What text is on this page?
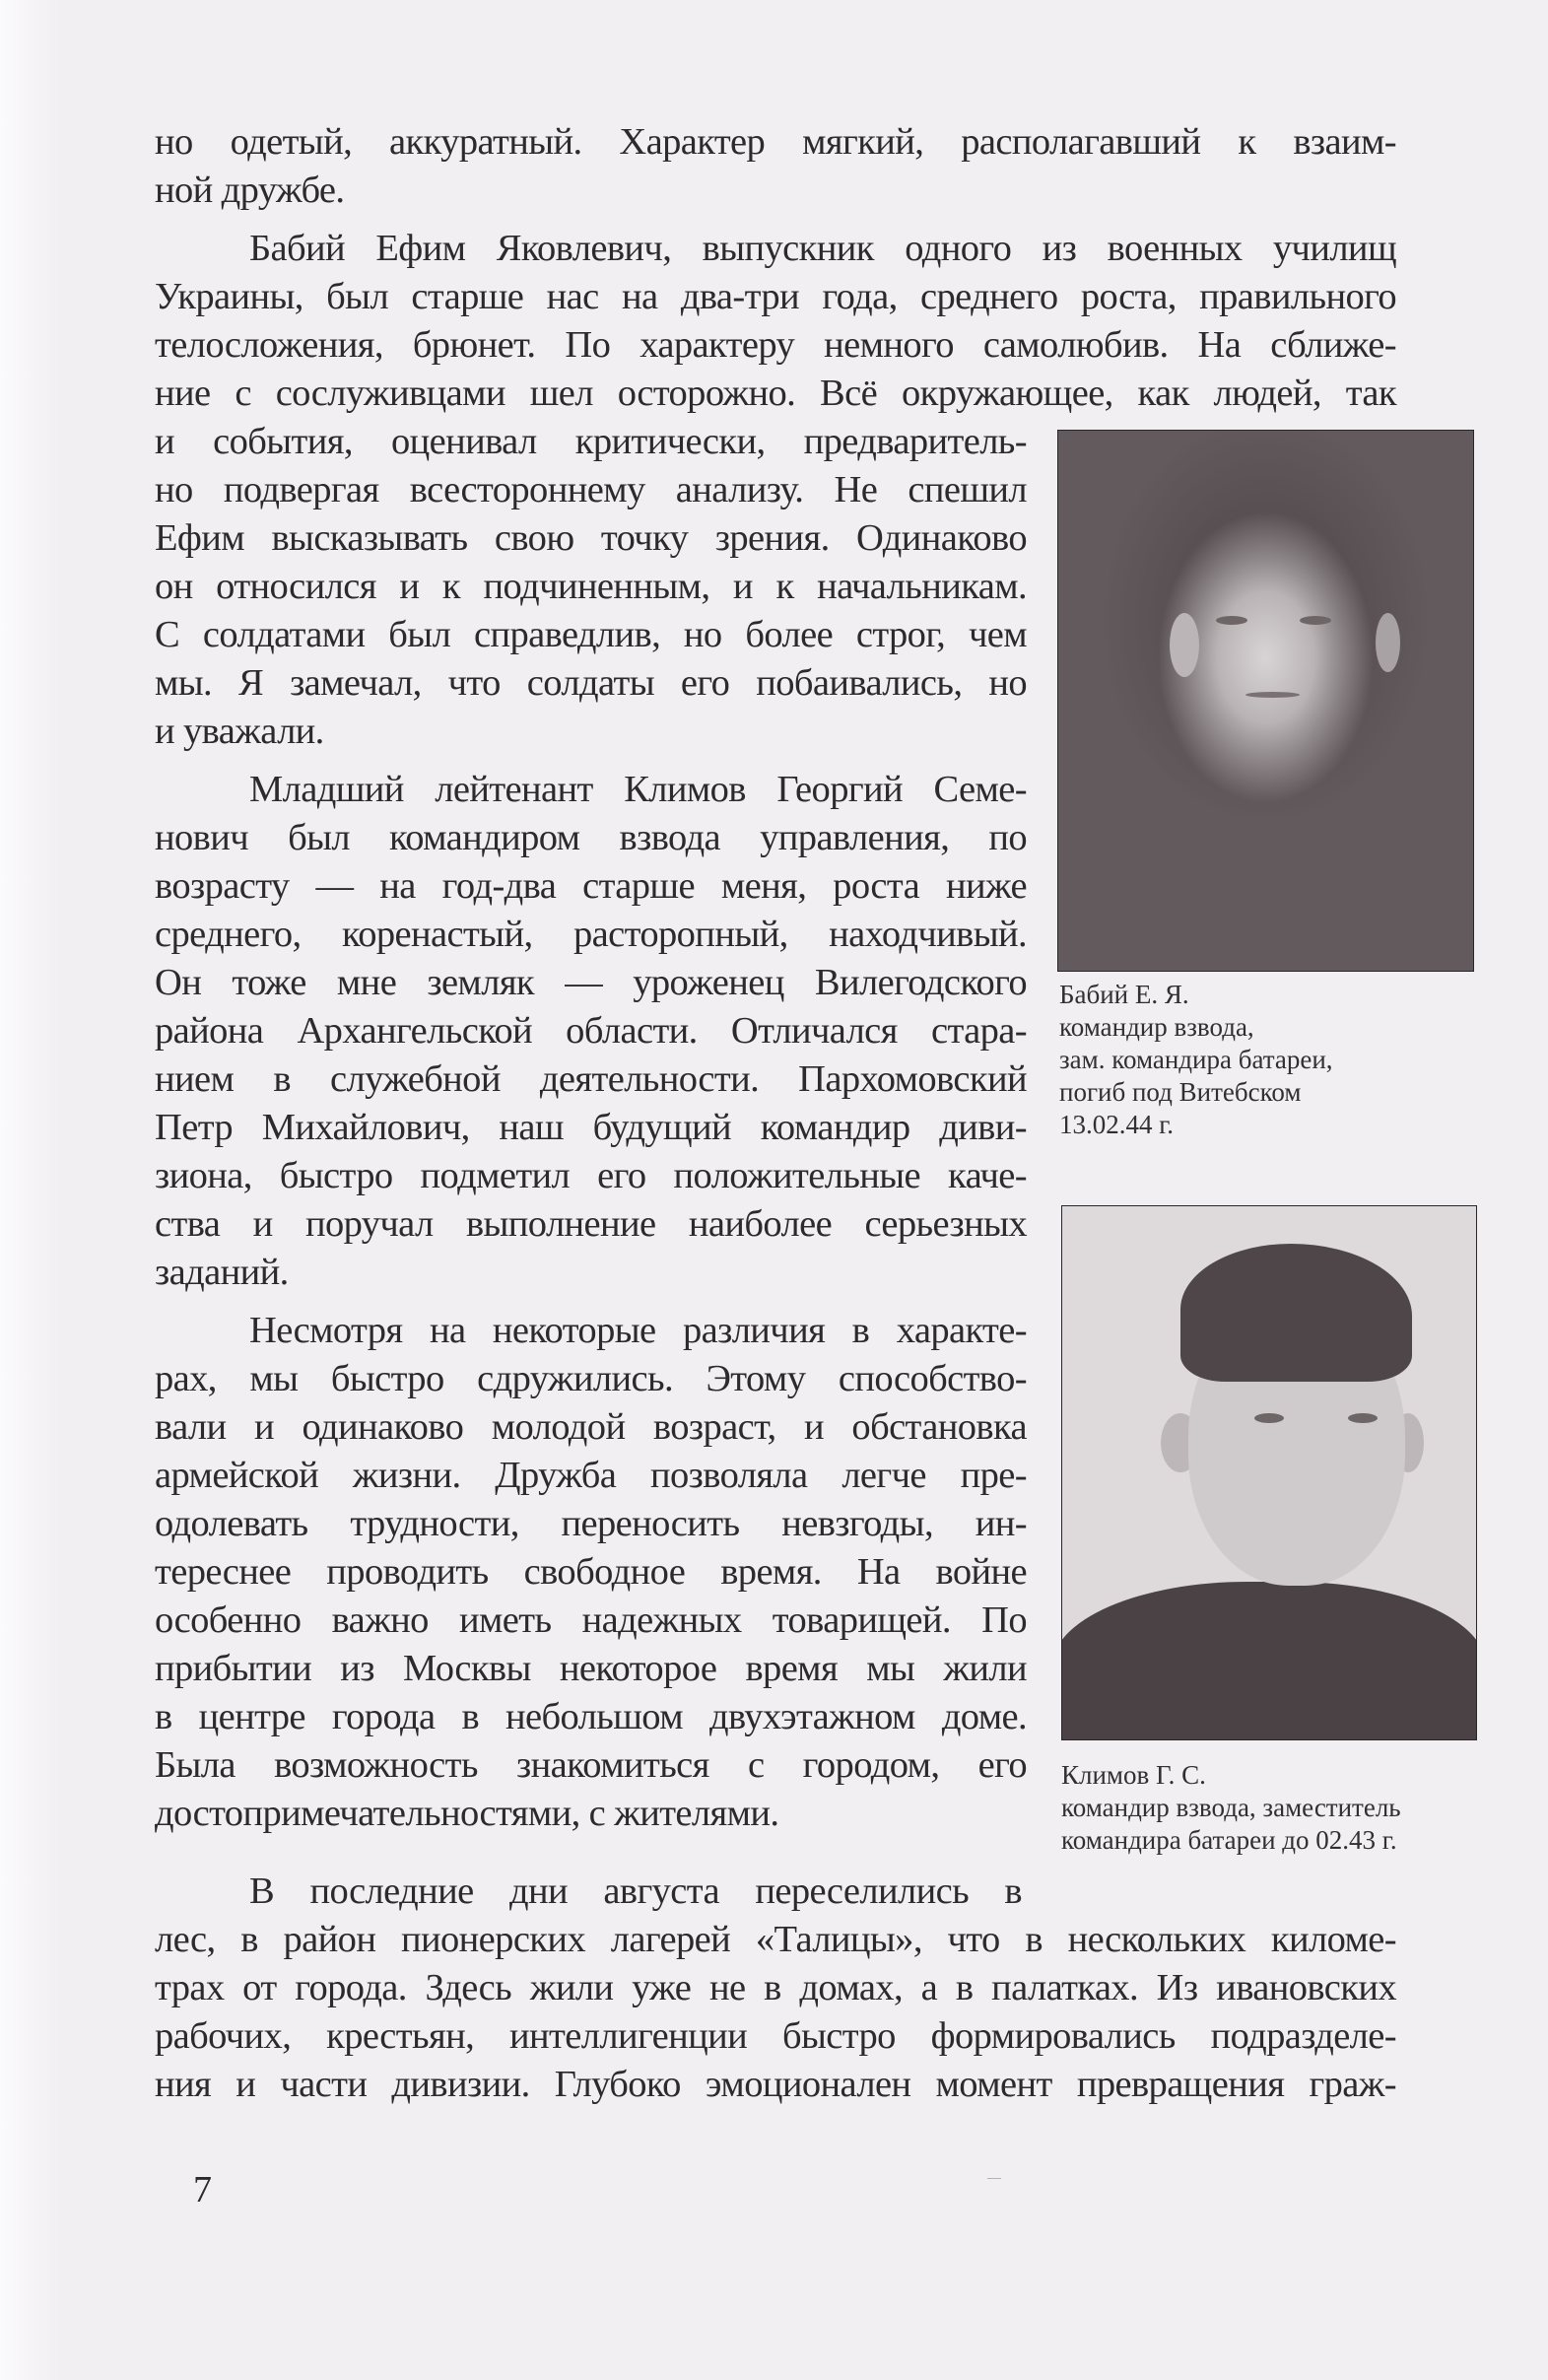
но одетый, аккуратный. Характер мягкий, располагавший к взаим-
ной дружбе.
Бабий Ефим Яковлевич, выпускник одного из военных училищ
Украины, был старше нас на два-три года, среднего роста, правильного
телосложения, брюнет. По характеру немного самолюбив. На сближе-
ние с сослуживцами шел осторожно. Всё окружающее, как людей, так
и события, оценивал критически, предваритель-
но подвергая всестороннему анализу. Не спешил
Ефим высказывать свою точку зрения. Одинаково
он относился и к подчиненным, и к начальникам.
С солдатами был справедлив, но более строг, чем
мы. Я замечал, что солдаты его побаивались, но
и уважали.
Младший лейтенант Климов Георгий Семе-
нович был командиром взвода управления, по
возрасту — на год-два старше меня, роста ниже
среднего, коренастый, расторопный, находчивый.
Он тоже мне земляк — уроженец Вилегодского
района Архангельской области. Отличался стара-
нием в служебной деятельности. Пархомовский
Петр Михайлович, наш будущий командир диви-
зиона, быстро подметил его положительные каче-
ства и поручал выполнение наиболее серьезных
заданий.
Несмотря на некоторые различия в характе-
рах, мы быстро сдружились. Этому способство-
вали и одинаково молодой возраст, и обстановка
армейской жизни. Дружба позволяла легче пре-
одолевать трудности, переносить невзгоды, ин-
тереснее проводить свободное время. На войне
особенно важно иметь надежных товарищей. По
прибытии из Москвы некоторое время мы жили
в центре города в небольшом двухэтажном доме.
Была возможность знакомиться с городом, его
достопримечательностями, с жителями.
В последние дни августа переселились в
лес, в район пионерских лагерей «Талицы», что в нескольких киломе-
трах от города. Здесь жили уже не в домах, а в палатках. Из ивановских
рабочих, крестьян, интеллигенции быстро формировались подразделе-
ния и части дивизии. Глубоко эмоционален момент превращения граж-
Бабий Е. Я.
командир взвода,
зам. командира батареи,
погиб под Витебском
13.02.44 г.
Климов Г. С.
командир взвода, заместитель
командира батареи до 02.43 г.
7
